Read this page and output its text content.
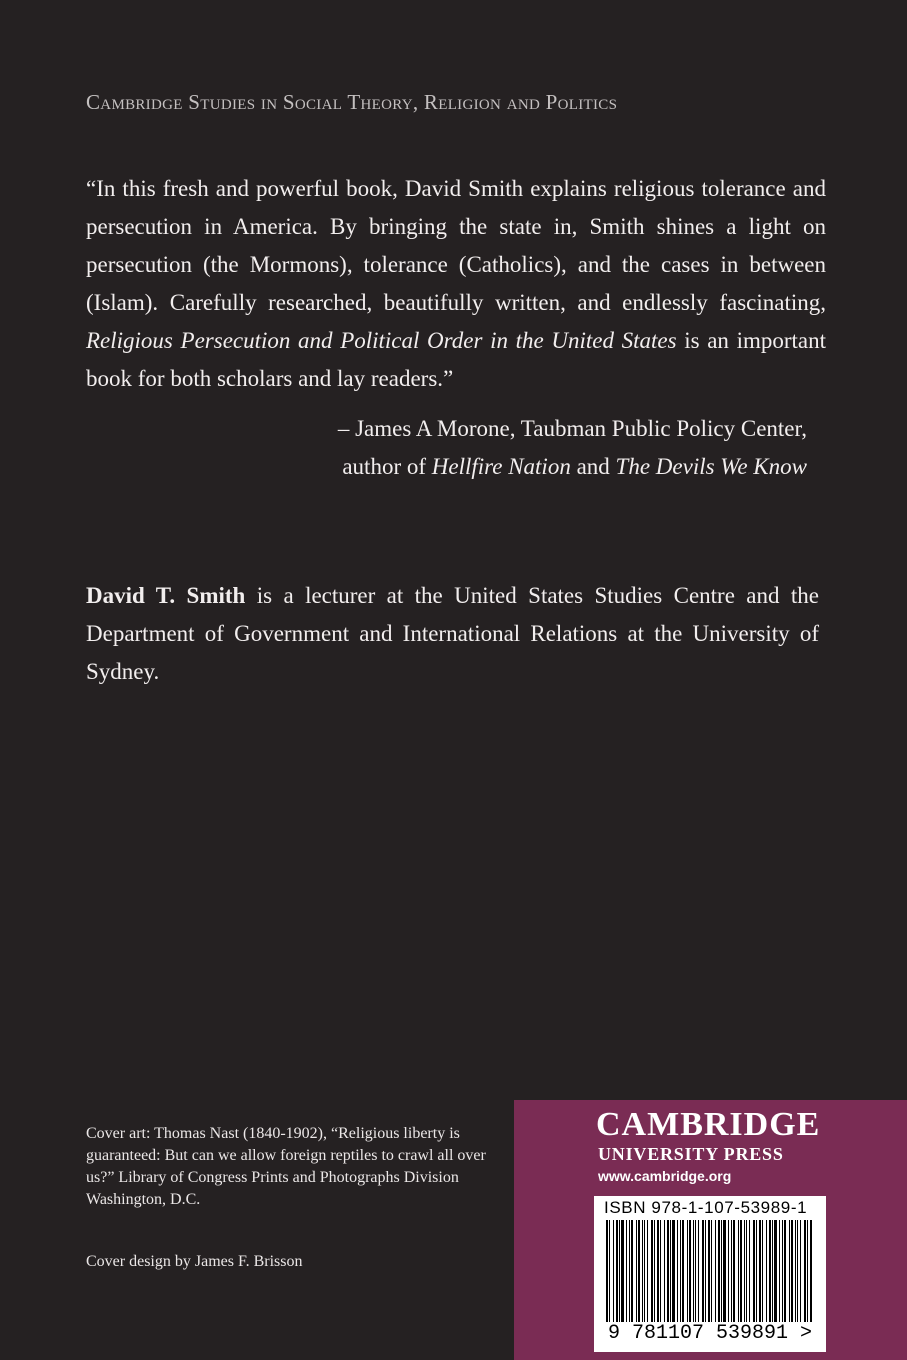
Cambridge Studies in Social Theory, Religion and Politics

“In this fresh and powerful book, David Smith explains religious tolerance and persecution in America. By bringing the state in, Smith shines a light on persecution (the Mormons), tolerance (Catholics), and the cases in between (Islam). Carefully researched, beautifully written, and endlessly fascinating, Religious Persecution and Political Order in the United States is an important book for both scholars and lay readers.”

– James A Morone, Taubman Public Policy Center,
author of Hellfire Nation and The Devils We Know

David T. Smith is a lecturer at the United States Studies Centre and the Department of Government and International Relations at the University of Sydney.

Cover art: Thomas Nast (1840-1902), “Religious liberty is guaranteed: But can we allow foreign reptiles to crawl all over us?” Library of Congress Prints and Photographs Division Washington, D.C.

Cover design by James F. Brisson
CAMBRIDGE
UNIVERSITY PRESS
www.cambridge.org
ISBN 978-1-107-53989-1
9 781107 539891 >
